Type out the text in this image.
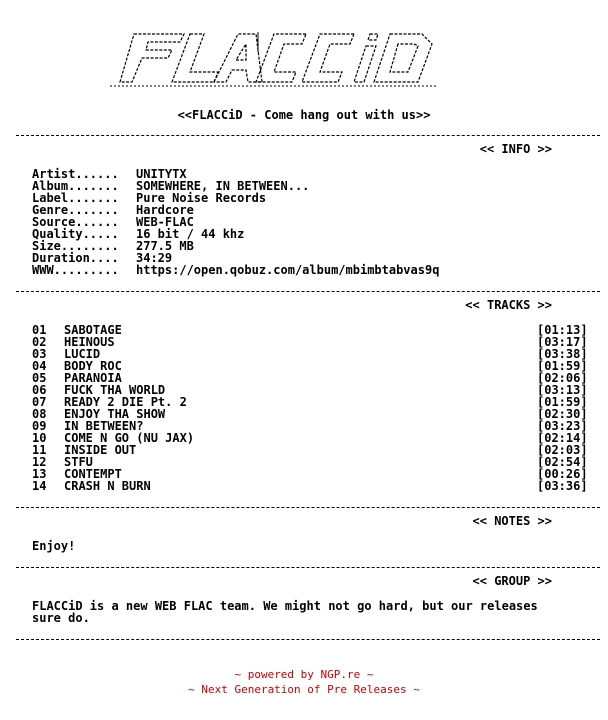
<<FLACCiD - Come hang out with us>>
<< INFO >>
Artist...... UNITYTX
Album....... SOMEWHERE, IN BETWEEN...
Label....... Pure Noise Records
Genre....... Hardcore
Source...... WEB-FLAC
Quality..... 16 bit / 44 khz
Size........ 277.5 MB
Duration.... 34:29
WWW......... https://open.qobuz.com/album/mbimbtabvas9q
<< TRACKS >>
01 SABOTAGE	[01:13]
02 HEINOUS	[03:17]
03 LUCID	[03:38]
04 BODY ROC	[01:59]
05 PARANOIA	[02:06]
06 FUCK THA WORLD	[03:13]
07 READY 2 DIE Pt. 2	[01:59]
08 ENJOY THA SHOW	[02:30]
09 IN BETWEEN?	[03:23]
10 COME N GO (NU JAX)	[02:14]
11 INSIDE OUT	[02:03]
12 STFU	[02:54]
13 CONTEMPT	[00:26]
14 CRASH N BURN	[03:36]
<< NOTES >>
Enjoy!
<< GROUP >>
FLACCiD is a new WEB FLAC team. We might not go hard, but our releases
sure do.
~ powered by NGP.re ~
~ Next Generation of Pre Releases ~
